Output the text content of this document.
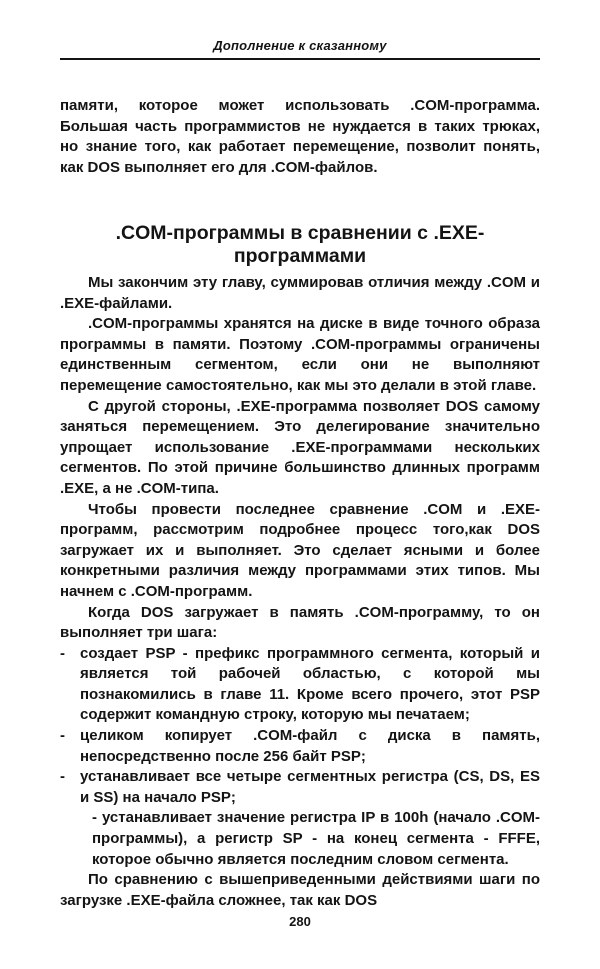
Дополнение к сказанному

памяти, которое может использовать .COM-программа. Большая часть программистов не нуждается в таких трюках, но знание того, как работает перемещение, позволит понять, как DOS выполняет его для .COM-файлов.

.COM-программы в сравнении с .EXE-программами

Мы закончим эту главу, суммировав отличия между .COM и .EXE-файлами.

.COM-программы хранятся на диске в виде точного образа программы в памяти. Поэтому .COM-программы ограничены единственным сегментом, если они не выполняют перемещение самостоятельно, как мы это делали в этой главе.

С другой стороны, .EXE-программа позволяет DOS самому заняться перемещением. Это делегирование значительно упрощает использование .EXE-программами нескольких сегментов. По этой причине большинство длинных программ .EXE, а не .COM-типа.

Чтобы провести последнее сравнение .COM и .EXE-программ, рассмотрим подробнее процесс того,как DOS загружает их и выполняет. Это сделает ясными и более конкретными различия между программами этих типов. Мы начнем с .COM-программ.

Когда DOS загружает в память .COM-программу, то он выполняет три шага:

- создает PSP - префикс программного сегмента, который и является той рабочей областью, с которой мы познакомились в главе 11. Кроме всего прочего, этот PSP содержит командную строку, которую мы печатаем;
- целиком копирует .COM-файл с диска в память, непосредственно после 256 байт PSP;
- устанавливает все четыре сегментных регистра (CS, DS, ES и SS) на начало PSP;

- устанавливает значение регистра IP в 100h (начало .COM-программы), а регистр SP - на конец сегмента - FFFE, которое обычно является последним словом сегмента.

По сравнению с вышеприведенными действиями шаги по загрузке .EXE-файла сложнее, так как DOS

280
